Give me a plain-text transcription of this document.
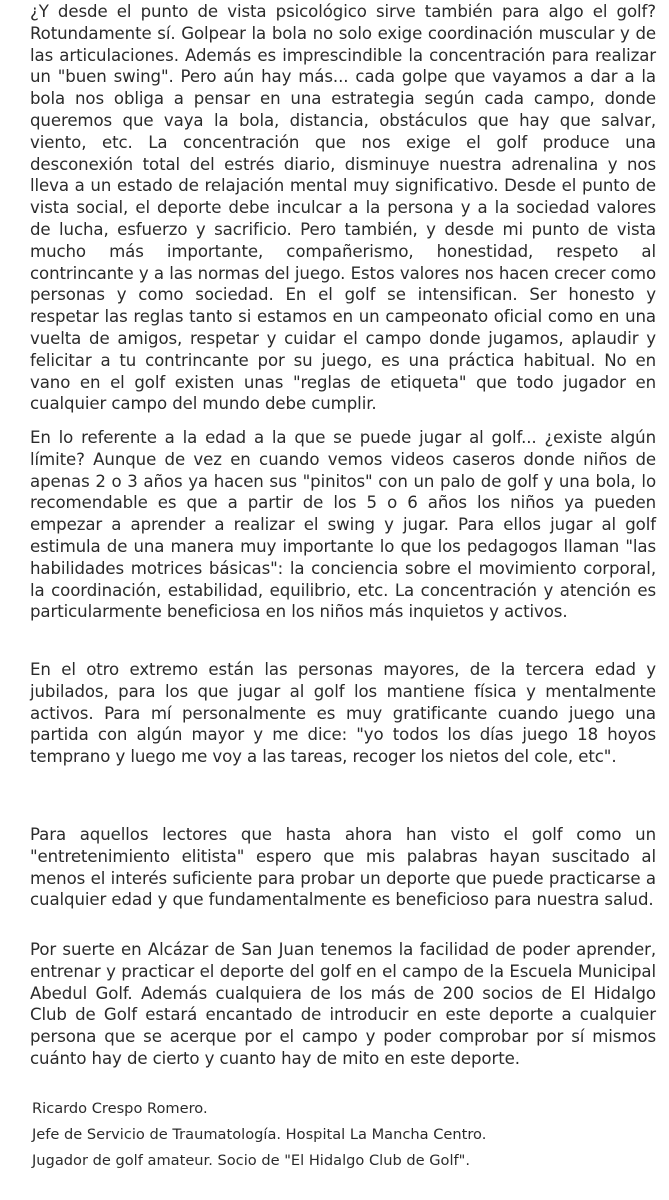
¿Y desde el punto de vista psicológico sirve también para algo el golf? Rotundamente sí. Golpear la bola no solo exige coordinación muscular y de las articulaciones. Además es imprescindible la concentración para realizar un "buen swing". Pero aún hay más... cada golpe que vayamos a dar a la bola nos obliga a pensar en una estrategia según cada campo, donde queremos que vaya la bola, distancia, obstáculos que hay que salvar, viento, etc. La concentración que nos exige el golf produce una desconexión total del estrés diario, disminuye nuestra adrenalina y nos lleva a un estado de relajación mental muy significativo. Desde el punto de vista social, el deporte debe inculcar a la persona y a la sociedad valores de lucha, esfuerzo y sacrificio. Pero también, y desde mi punto de vista mucho más importante, compañerismo, honestidad, respeto al contrincante y a las normas del juego. Estos valores nos hacen crecer como personas y como sociedad. En el golf se intensifican. Ser honesto y respetar las reglas tanto si estamos en un campeonato oficial como en una vuelta de amigos, respetar y cuidar el campo donde jugamos, aplaudir y felicitar a tu contrincante por su juego, es una práctica habitual. No en vano en el golf existen unas "reglas de etiqueta" que todo jugador en cualquier campo del mundo debe cumplir.

En lo referente a la edad a la que se puede jugar al golf... ¿existe algún límite? Aunque de vez en cuando vemos videos caseros donde niños de apenas 2 o 3 años ya hacen sus "pinitos" con un palo de golf y una bola, lo recomendable es que a partir de los 5 o 6 años los niños ya pueden empezar a aprender a realizar el swing y jugar. Para ellos jugar al golf estimula de una manera muy importante lo que los pedagogos llaman "las habilidades motrices básicas": la conciencia sobre el movimiento corporal, la coordinación, estabilidad, equilibrio, etc. La concentración y atención es particularmente beneficiosa en los niños más inquietos y activos.

En el otro extremo están las personas mayores, de la tercera edad y jubilados, para los que jugar al golf los mantiene física y mentalmente activos. Para mí personalmente es muy gratificante cuando juego una partida con algún mayor y me dice: "yo todos los días juego 18 hoyos temprano y luego me voy a las tareas, recoger los nietos del cole, etc".

Para aquellos lectores que hasta ahora han visto el golf como un "entretenimiento elitista" espero que mis palabras hayan suscitado al menos el interés suficiente para probar un deporte que puede practicarse a cualquier edad y que fundamentalmente es beneficioso para nuestra salud.

Por suerte en Alcázar de San Juan tenemos la facilidad de poder aprender, entrenar y practicar el deporte del golf en el campo de la Escuela Municipal Abedul Golf. Además cualquiera de los más de 200 socios de El Hidalgo Club de Golf estará encantado de introducir en este deporte a cualquier persona que se acerque por el campo y poder comprobar por sí mismos cuánto hay de cierto y cuanto hay de mito en este deporte.

Ricardo Crespo Romero.
Jefe de Servicio de Traumatología. Hospital La Mancha Centro.
Jugador de golf amateur. Socio de "El Hidalgo Club de Golf".
